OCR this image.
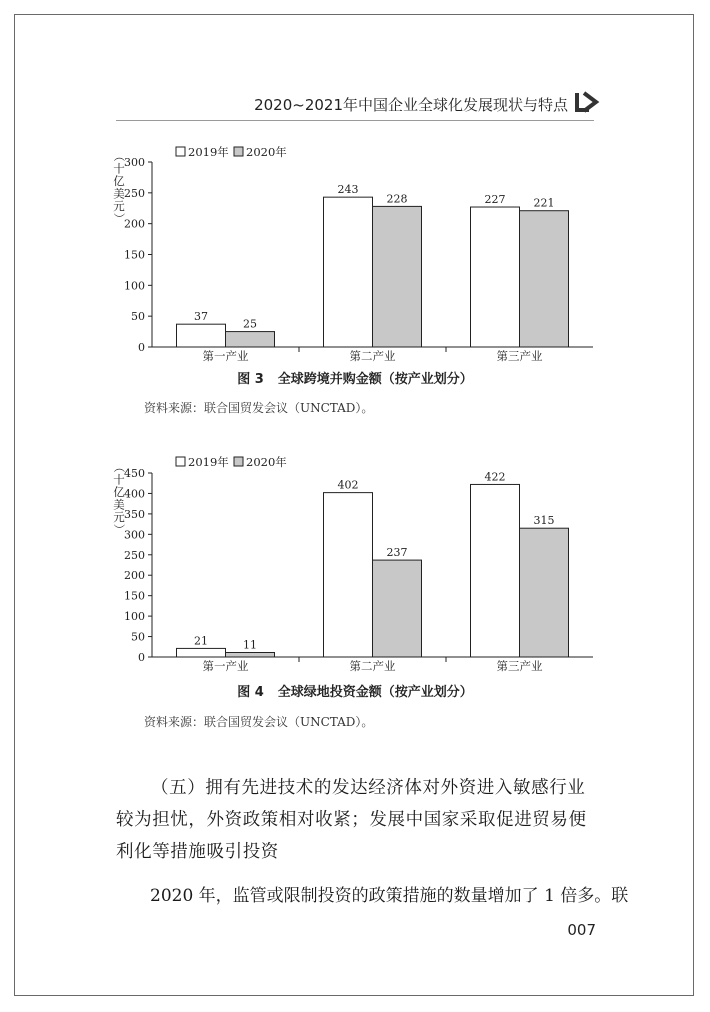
2020~2021年中国企业全球化发展现状与特点
0
50
100
150
200
250
300
（
十
亿
美
元
）
第一产业
37
25
第二产业
243
228
第三产业
227	221
2019年 2020年
图 3 全球跨境并购金额（按产业划分）
资料来源：联合国贸发会议（UNCTAD）。
0
50
100
150
200
250
300
350
400
450
（
十
亿
美
元
）
第一产业
21	11
第二产业
402
237
第三产业
422
315
2019年 2020年
图 4 全球绿地投资金额（按产业划分）
资料来源：联合国贸发会议（UNCTAD）。
（五）拥有先进技术的发达经济体对外资进入敏感行业较为担忧，外资政策相对收紧；发展中国家采取促进贸易便利化等措施吸引投资
2020 年，监管或限制投资的政策措施的数量增加了 1 倍多。联
007
